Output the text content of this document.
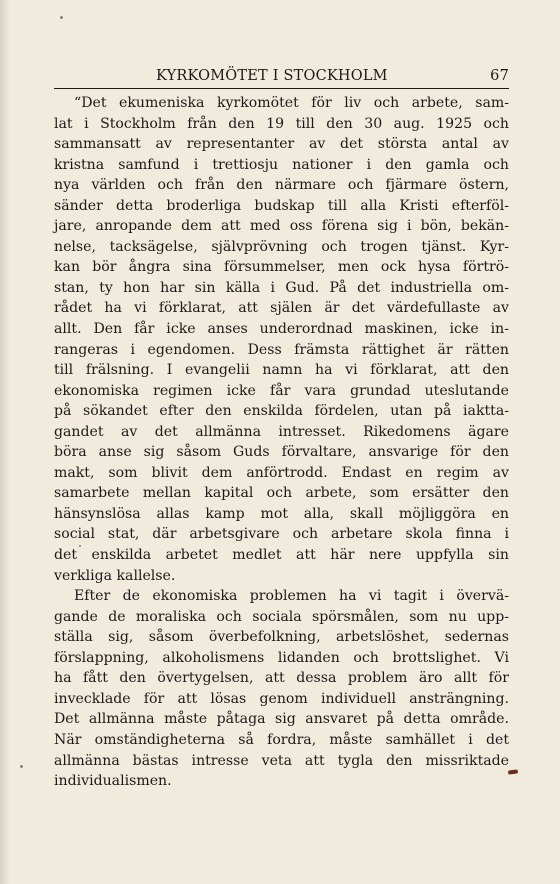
KYRKOMÖTET I STOCKHOLM	67
“Det ekumeniska kyrkomötet för liv och arbete, sam-
lat i Stockholm från den 19 till den 30 aug. 1925 och
sammansatt av representanter av det största antal av
kristna samfund i trettiosju nationer i den gamla och
nya världen och från den närmare och fjärmare östern,
sänder detta broderliga budskap till alla Kristi efterföl-
jare, anropande dem att med oss förena sig i bön, bekän-
nelse, tacksägelse, självprövning och trogen tjänst. Kyr-
kan bör ångra sina försummelser, men ock hysa förtrö-
stan, ty hon har sin källa i Gud. På det industriella om-
rådet ha vi förklarat, att själen är det värdefullaste av
allt. Den får icke anses underordnad maskinen, icke in-
rangeras i egendomen. Dess främsta rättighet är rätten
till frälsning. I evangelii namn ha vi förklarat, att den
ekonomiska regimen icke får vara grundad uteslutande
på sökandet efter den enskilda fördelen, utan på iaktta-
gandet av det allmänna intresset. Rikedomens ägare
böra anse sig såsom Guds förvaltare, ansvarige för den
makt, som blivit dem anförtrodd. Endast en regim av
samarbete mellan kapital och arbete, som ersätter den
hänsynslösa allas kamp mot alla, skall möjliggöra en
social stat, där arbetsgivare och arbetare skola finna i
det enskilda arbetet medlet att här nere uppfylla sin
verkliga kallelse.
Efter de ekonomiska problemen ha vi tagit i övervä-
gande de moraliska och sociala spörsmålen, som nu upp-
ställa sig, såsom överbefolkning, arbetslöshet, sedernas
förslappning, alkoholismens lidanden och brottslighet. Vi
ha fått den övertygelsen, att dessa problem äro allt för
invecklade för att lösas genom individuell ansträngning.
Det allmänna måste påtaga sig ansvaret på detta område.
När omständigheterna så fordra, måste samhället i det
allmänna bästas intresse veta att tygla den missriktade
individualismen.
